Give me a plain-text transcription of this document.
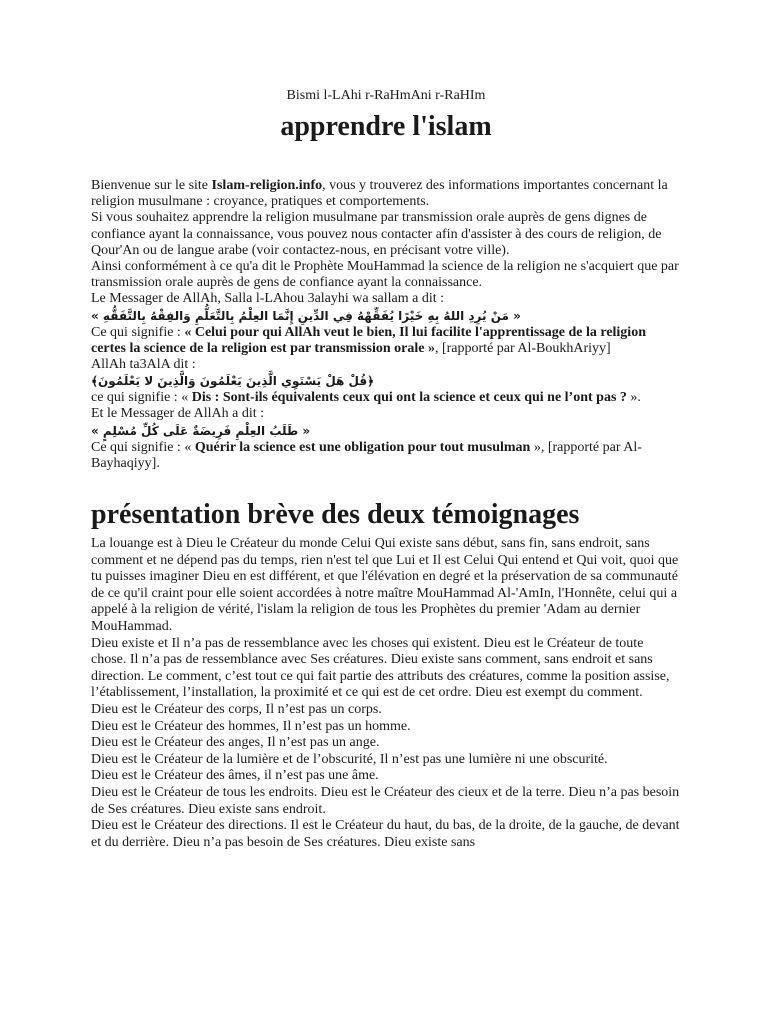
Bismi l-LAhi r-RaHmAni r-RaHIm

apprendre l'islam

Bienvenue sur le site Islam-religion.info, vous y trouverez des informations importantes concernant la religion musulmane : croyance, pratiques et comportements.

Si vous souhaitez apprendre la religion musulmane par transmission orale auprès de gens dignes de confiance ayant la connaissance, vous pouvez nous contacter afin d'assister à des cours de religion, de Qour'An ou de langue arabe (voir contactez-nous, en précisant votre ville).

Ainsi conformément à ce qu'a dit le Prophète MouHammad la science de la religion ne s'acquiert que par transmission orale auprès de gens de confiance ayant la connaissance.

Le Messager de AllAh, Salla l-LAhou 3alayhi wa sallam a dit :

« مَنْ يُرِدِ اللهُ بِهِ خَيْرًا يُفَقِّهْهُ فِي الدِّينِ إِنَّمَا العِلْمُ بِالتَّعَلُّمِ وَالفِقْهُ بِالتَّفَقُّهِ »

Ce qui signifie : « Celui pour qui AllAh veut le bien, Il lui facilite l'apprentissage de la religion certes la science de la religion est par transmission orale », [rapporté par Al-BoukhAriyy]

AllAh ta3AlA dit :

﴿قُلْ هَلْ يَسْتَوِي الَّذِينَ يَعْلَمُونَ وَالَّذِينَ لا يَعْلَمُونَ﴾

ce qui signifie : « Dis : Sont-ils équivalents ceux qui ont la science et ceux qui ne l’ont pas ? ».

Et le Messager de AllAh a dit :

« طَلَبُ العِلْمِ فَرِيضَةٌ عَلَى كُلِّ مُسْلِمٍ »

Ce qui signifie : « Quérir la science est une obligation pour tout musulman », [rapporté par Al-Bayhaqiyy].

présentation brève des deux témoignages

La louange est à Dieu le Créateur du monde Celui Qui existe sans début, sans fin, sans endroit, sans comment et ne dépend pas du temps, rien n'est tel que Lui et Il est Celui Qui entend et Qui voit, quoi que tu puisses imaginer Dieu en est différent, et que l'élévation en degré et la préservation de sa communauté de ce qu'il craint pour elle soient accordées à notre maître MouHammad Al-'AmIn, l'Honnête, celui qui a appelé à la religion de vérité, l'islam la religion de tous les Prophètes du premier 'Adam au dernier MouHammad.

Dieu existe et Il n’a pas de ressemblance avec les choses qui existent. Dieu est le Créateur de toute chose. Il n’a pas de ressemblance avec Ses créatures. Dieu existe sans comment, sans endroit et sans direction. Le comment, c’est tout ce qui fait partie des attributs des créatures, comme la position assise, l’établissement, l’installation, la proximité et ce qui est de cet ordre. Dieu est exempt du comment.

Dieu est le Créateur des corps, Il n’est pas un corps.

Dieu est le Créateur des hommes, Il n’est pas un homme.

Dieu est le Créateur des anges, Il n’est pas un ange.

Dieu est le Créateur de la lumière et de l’obscurité, Il n’est pas une lumière ni une obscurité.

Dieu est le Créateur des âmes, il n’est pas une âme.

Dieu est le Créateur de tous les endroits. Dieu est le Créateur des cieux et de la terre. Dieu n’a pas besoin de Ses créatures. Dieu existe sans endroit.

Dieu est le Créateur des directions. Il est le Créateur du haut, du bas, de la droite, de la gauche, de devant et du derrière. Dieu n’a pas besoin de Ses créatures. Dieu existe sans
